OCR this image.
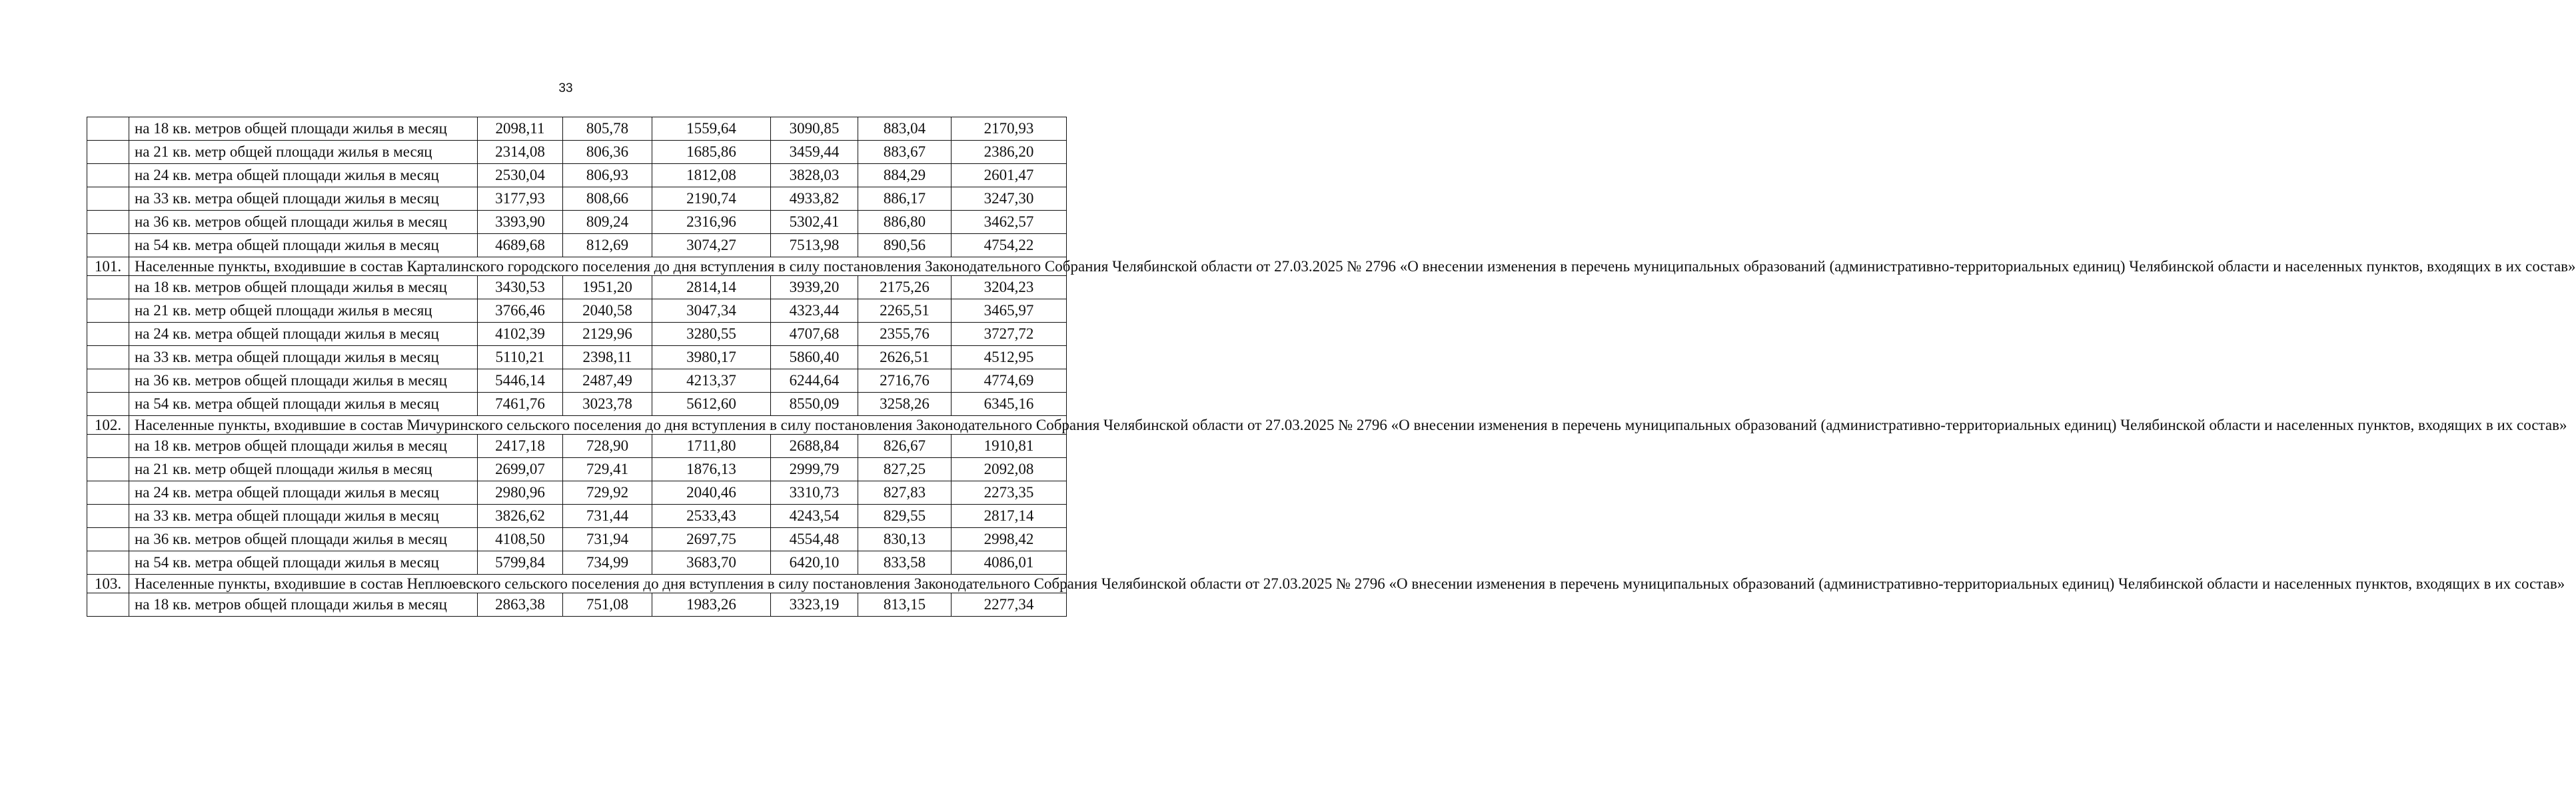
33
	на 18 кв. метров общей площади жилья в месяц	2098,11	805,78	1559,64	3090,85	883,04	2170,93
	на 21 кв. метр общей площади жилья в месяц	2314,08	806,36	1685,86	3459,44	883,67	2386,20
	на 24 кв. метра общей площади жилья в месяц	2530,04	806,93	1812,08	3828,03	884,29	2601,47
	на 33 кв. метра общей площади жилья в месяц	3177,93	808,66	2190,74	4933,82	886,17	3247,30
	на 36 кв. метров общей площади жилья в месяц	3393,90	809,24	2316,96	5302,41	886,80	3462,57
	на 54 кв. метра общей площади жилья в месяц	4689,68	812,69	3074,27	7513,98	890,56	4754,22
101.	Населенные пункты, входившие в состав Карталинского городского поселения до дня вступления в силу постановления Законодательного Собрания Челябинской области от 27.03.2025 № 2796 «О внесении изменения в перечень муниципальных образований (административно-территориальных единиц) Челябинской области и населенных пунктов, входящих в их состав»						
	на 18 кв. метров общей площади жилья в месяц	3430,53	1951,20	2814,14	3939,20	2175,26	3204,23
	на 21 кв. метр общей площади жилья в месяц	3766,46	2040,58	3047,34	4323,44	2265,51	3465,97
	на 24 кв. метра общей площади жилья в месяц	4102,39	2129,96	3280,55	4707,68	2355,76	3727,72
	на 33 кв. метра общей площади жилья в месяц	5110,21	2398,11	3980,17	5860,40	2626,51	4512,95
	на 36 кв. метров общей площади жилья в месяц	5446,14	2487,49	4213,37	6244,64	2716,76	4774,69
	на 54 кв. метра общей площади жилья в месяц	7461,76	3023,78	5612,60	8550,09	3258,26	6345,16
102.	Населенные пункты, входившие в состав Мичуринского сельского поселения до дня вступления в силу постановления Законодательного Собрания Челябинской области от 27.03.2025 № 2796 «О внесении изменения в перечень муниципальных образований (административно-территориальных единиц) Челябинской области и населенных пунктов, входящих в их состав»						
	на 18 кв. метров общей площади жилья в месяц	2417,18	728,90	1711,80	2688,84	826,67	1910,81
	на 21 кв. метр общей площади жилья в месяц	2699,07	729,41	1876,13	2999,79	827,25	2092,08
	на 24 кв. метра общей площади жилья в месяц	2980,96	729,92	2040,46	3310,73	827,83	2273,35
	на 33 кв. метра общей площади жилья в месяц	3826,62	731,44	2533,43	4243,54	829,55	2817,14
	на 36 кв. метров общей площади жилья в месяц	4108,50	731,94	2697,75	4554,48	830,13	2998,42
	на 54 кв. метра общей площади жилья в месяц	5799,84	734,99	3683,70	6420,10	833,58	4086,01
103.	Населенные пункты, входившие в состав Неплюевского сельского поселения до дня вступления в силу постановления Законодательного Собрания Челябинской области от 27.03.2025 № 2796 «О внесении изменения в перечень муниципальных образований (административно-территориальных единиц) Челябинской области и населенных пунктов, входящих в их состав»						
	на 18 кв. метров общей площади жилья в месяц	2863,38	751,08	1983,26	3323,19	813,15	2277,34
